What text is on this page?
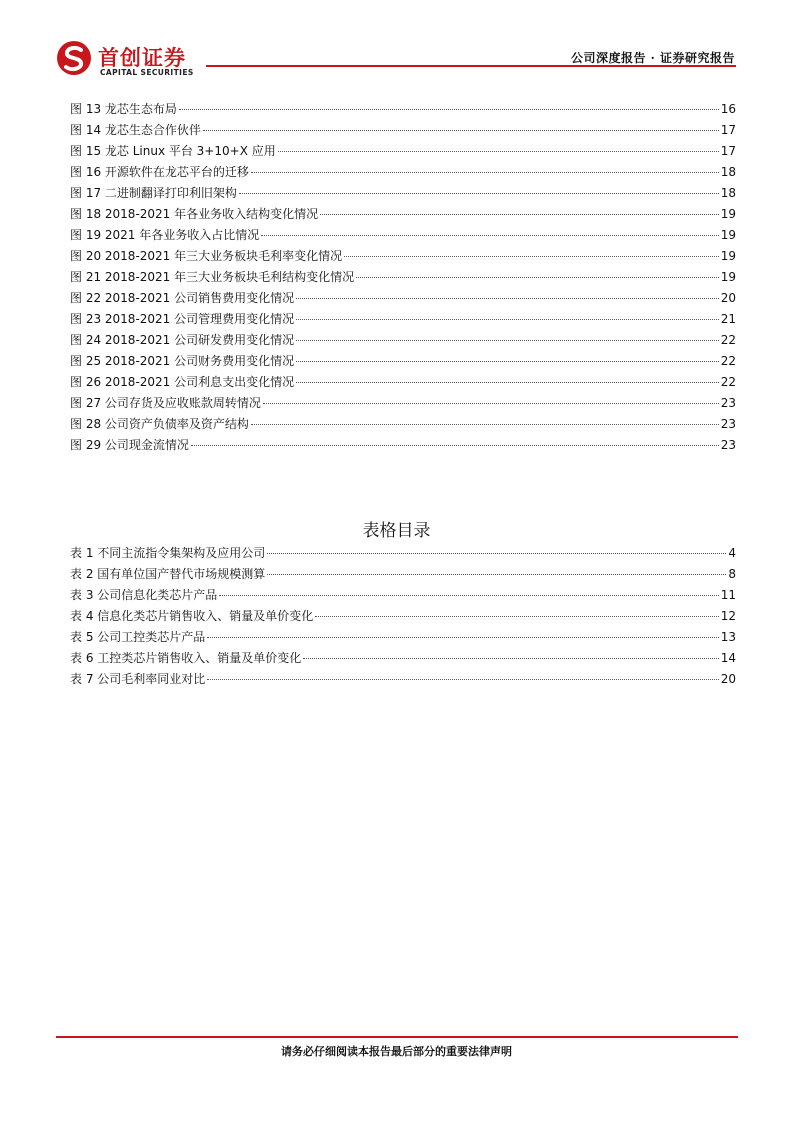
首创证券
CAPITAL SECURITIES
公司深度报告 · 证券研究报告
图 13 龙芯生态布局	16
图 14 龙芯生态合作伙伴	17
图 15 龙芯 Linux 平台 3+10+X 应用	17
图 16 开源软件在龙芯平台的迁移	18
图 17 二进制翻译打印利旧架构	18
图 18 2018-2021 年各业务收入结构变化情况	19
图 19 2021 年各业务收入占比情况	19
图 20 2018-2021 年三大业务板块毛利率变化情况	19
图 21 2018-2021 年三大业务板块毛利结构变化情况	19
图 22 2018-2021 公司销售费用变化情况	20
图 23 2018-2021 公司管理费用变化情况	21
图 24 2018-2021 公司研发费用变化情况	22
图 25 2018-2021 公司财务费用变化情况	22
图 26 2018-2021 公司利息支出变化情况	22
图 27 公司存货及应收账款周转情况	23
图 28 公司资产负债率及资产结构	23
图 29 公司现金流情况	23
表格目录
表 1 不同主流指令集架构及应用公司	4
表 2 国有单位国产替代市场规模测算	8
表 3 公司信息化类芯片产品	11
表 4 信息化类芯片销售收入、销量及单价变化	12
表 5 公司工控类芯片产品	13
表 6 工控类芯片销售收入、销量及单价变化	14
表 7 公司毛利率同业对比	20
请务必仔细阅读本报告最后部分的重要法律声明
